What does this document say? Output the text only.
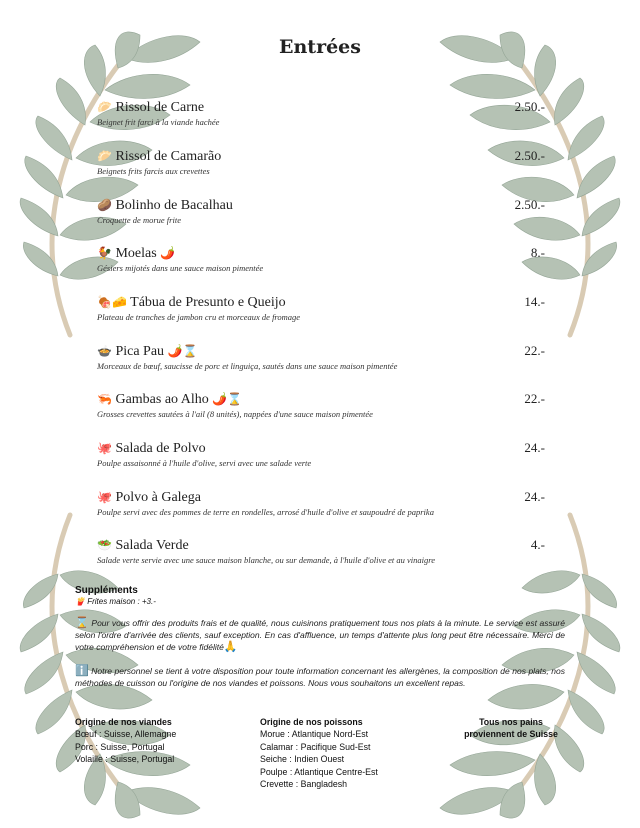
Entrées
🥟 Rissol de Carne	2.50.-
Beignet frit farci à la viande hachée
🥟 Rissol de Camarão	2.50.-
Beignets frits farcis aux crevettes
🥔 Bolinho de Bacalhau	2.50.-
Croquette de morue frite
🐓 Moelas 🌶️	8.-
Gésiers mijotés dans une sauce maison pimentée
🍖🧀 Tábua de Presunto e Queijo	14.-
Plateau de tranches de jambon cru et morceaux de fromage
🍲 Pica Pau 🌶️⌛	22.-
Morceaux de bœuf, saucisse de porc et linguiça, sautés dans une sauce maison pimentée
🦐 Gambas ao Alho 🌶️⌛	22.-
Grosses crevettes sautées à l'ail (8 unités), nappées d'une sauce maison pimentée
🐙 Salada de Polvo	24.-
Poulpe assaisonné à l'huile d'olive, servi avec une salade verte
🐙 Polvo à Galega	24.-
Poulpe servi avec des pommes de terre en rondelles, arrosé d'huile d'olive et saupoudré de paprika
🥗 Salada Verde	4.-
Salade verte servie avec une sauce maison blanche, ou sur demande, à l'huile d'olive et au vinaigre
Suppléments
🍟 Frites maison : +3.-
⌛ Pour vous offrir des produits frais et de qualité, nous cuisinons pratiquement tous nos plats à la minute. Le service est assuré selon l'ordre d'arrivée des clients, sauf exception. En cas d'affluence, un temps d'attente plus long peut être nécessaire. Merci de votre compréhension et de votre fidélité🙏
ℹ️ Notre personnel se tient à votre disposition pour toute information concernant les allergènes, la composition de nos plats, nos méthodes de cuisson ou l'origine de nos viandes et poissons. Nous vous souhaitons un excellent repas.
Origine de nos viandes
Bœuf : Suisse, Allemagne
Porc : Suisse, Portugal
Volaille : Suisse, Portugal
Origine de nos poissons
Morue : Atlantique Nord-Est
Calamar : Pacifique Sud-Est
Seiche : Indien Ouest
Poulpe : Atlantique Centre-Est
Crevette : Bangladesh
Tous nos pains
proviennent de Suisse
